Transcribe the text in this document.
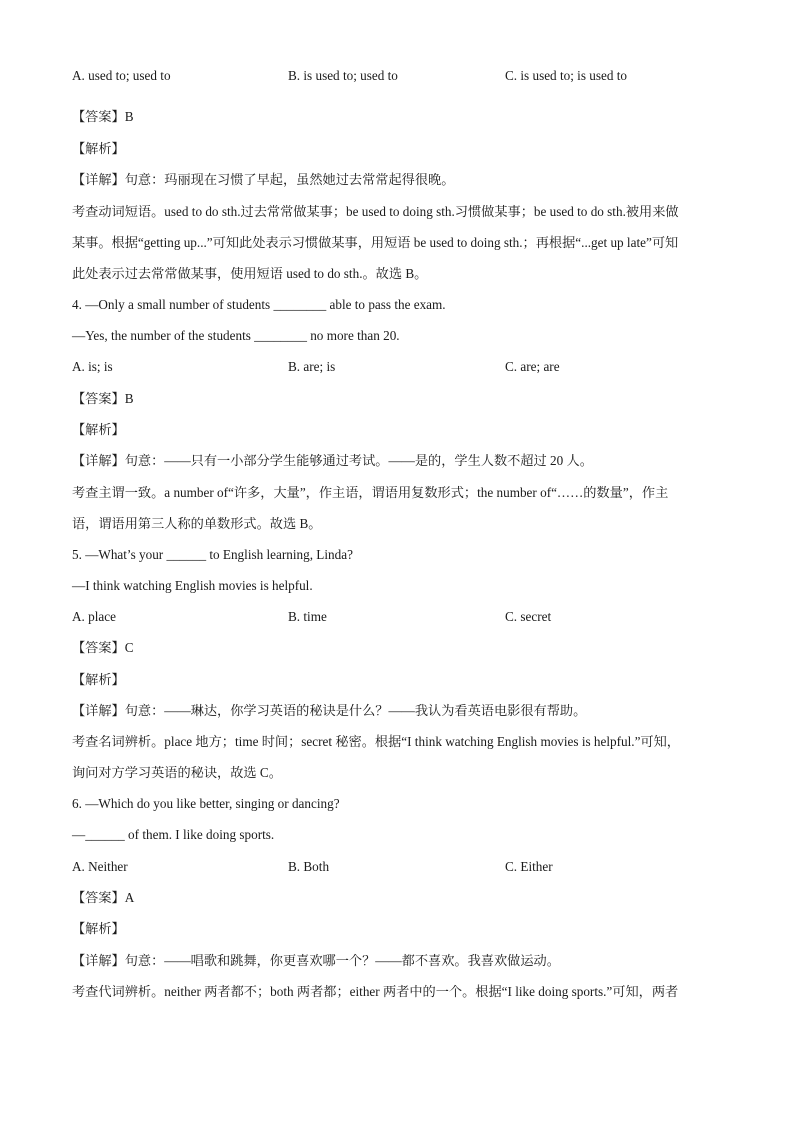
A. used to; used to	B. is used to; used to	C. is used to; is used to
【答案】B
【解析】
【详解】句意：玛丽现在习惯了早起，虽然她过去常常起得很晚。
考查动词短语。used to do sth.过去常常做某事；be used to doing sth.习惯做某事；be used to do sth.被用来做
某事。根据“getting up...”可知此处表示习惯做某事，用短语 be used to doing sth.；再根据“...get up late”可知
此处表示过去常常做某事，使用短语 used to do sth.。故选 B。
4. —Only a small number of students ________ able to pass the exam.
—Yes, the number of the students ________ no more than 20.
A. is; is	B. are; is	C. are; are
【答案】B
【解析】
【详解】句意：——只有一小部分学生能够通过考试。——是的，学生人数不超过 20 人。
考查主谓一致。a number of“许多，大量”，作主语，谓语用复数形式；the number of“……的数量”，作主
语，谓语用第三人称的单数形式。故选 B。
5. —What’s your ______ to English learning, Linda?
—I think watching English movies is helpful.
A. place	B. time	C. secret
【答案】C
【解析】
【详解】句意：——琳达，你学习英语的秘诀是什么？——我认为看英语电影很有帮助。
考查名词辨析。place 地方；time 时间；secret 秘密。根据“I think watching English movies is helpful.”可知，
询问对方学习英语的秘诀，故选 C。
6. —Which do you like better, singing or dancing?
—______ of them. I like doing sports.
A. Neither	B. Both	C. Either
【答案】A
【解析】
【详解】句意：——唱歌和跳舞，你更喜欢哪一个？——都不喜欢。我喜欢做运动。
考查代词辨析。neither 两者都不；both 两者都；either 两者中的一个。根据“I like doing sports.”可知，两者
